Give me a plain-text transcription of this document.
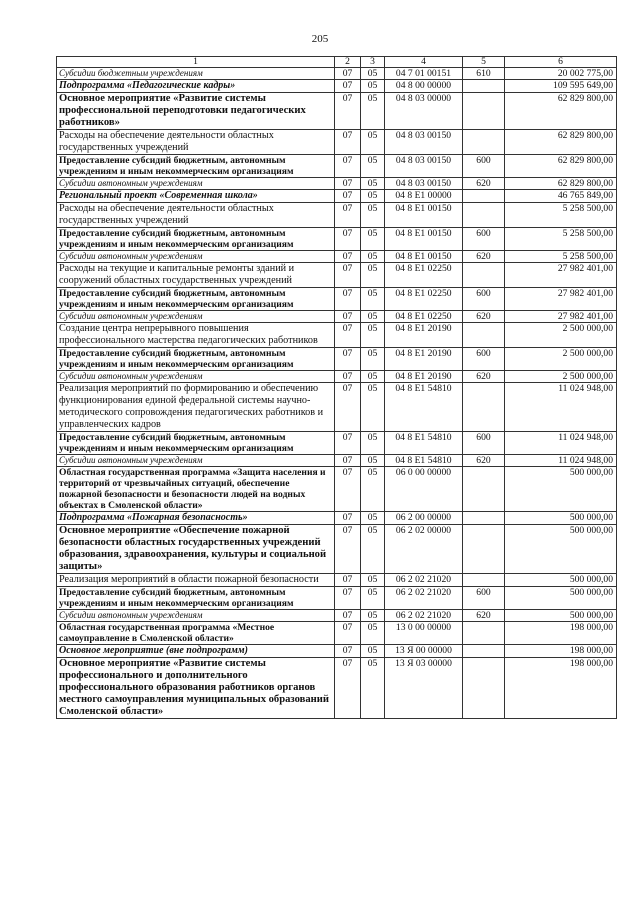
205
1	2	3	4	5	6
Субсидии бюджетным учреждениям	07	05	04 7 01 00151	610	20 002 775,00
Подпрограмма «Педагогические кадры»	07	05	04 8 00 00000		109 595 649,00
Основное мероприятие «Развитие системы профессиональной переподготовки педагогических работников»	07	05	04 8 03 00000		62 829 800,00
Расходы на обеспечение деятельности областных государственных учреждений	07	05	04 8 03 00150		62 829 800,00
Предоставление субсидий бюджетным, автономным учреждениям и иным некоммерческим организациям	07	05	04 8 03 00150	600	62 829 800,00
Субсидии автономным учреждениям	07	05	04 8 03 00150	620	62 829 800,00
Региональный проект «Современная школа»	07	05	04 8 E1 00000		46 765 849,00
Расходы на обеспечение деятельности областных государственных учреждений	07	05	04 8 E1 00150		5 258 500,00
Предоставление субсидий бюджетным, автономным учреждениям и иным некоммерческим организациям	07	05	04 8 E1 00150	600	5 258 500,00
Субсидии автономным учреждениям	07	05	04 8 E1 00150	620	5 258 500,00
Расходы на текущие и капитальные ремонты зданий и сооружений областных государственных учреждений	07	05	04 8 E1 02250		27 982 401,00
Предоставление субсидий бюджетным, автономным учреждениям и иным некоммерческим организациям	07	05	04 8 E1 02250	600	27 982 401,00
Субсидии автономным учреждениям	07	05	04 8 E1 02250	620	27 982 401,00
Создание центра непрерывного повышения профессионального мастерства педагогических работников	07	05	04 8 E1 20190		2 500 000,00
Предоставление субсидий бюджетным, автономным учреждениям и иным некоммерческим организациям	07	05	04 8 E1 20190	600	2 500 000,00
Субсидии автономным учреждениям	07	05	04 8 E1 20190	620	2 500 000,00
Реализация мероприятий по формированию и обеспечению функционирования единой федеральной системы научно-методического сопровождения педагогических работников и управленческих кадров	07	05	04 8 E1 54810		11 024 948,00
Предоставление субсидий бюджетным, автономным учреждениям и иным некоммерческим организациям	07	05	04 8 E1 54810	600	11 024 948,00
Субсидии автономным учреждениям	07	05	04 8 E1 54810	620	11 024 948,00
Областная государственная программа «Защита населения и территорий от чрезвычайных ситуаций, обеспечение пожарной безопасности и безопасности людей на водных объектах в Смоленской области»	07	05	06 0 00 00000		500 000,00
Подпрограмма «Пожарная безопасность»	07	05	06 2 00 00000		500 000,00
Основное мероприятие «Обеспечение пожарной безопасности областных государственных учреждений образования, здравоохранения, культуры и социальной защиты»	07	05	06 2 02 00000		500 000,00
Реализация мероприятий в области пожарной безопасности	07	05	06 2 02 21020		500 000,00
Предоставление субсидий бюджетным, автономным учреждениям и иным некоммерческим организациям	07	05	06 2 02 21020	600	500 000,00
Субсидии автономным учреждениям	07	05	06 2 02 21020	620	500 000,00
Областная государственная программа «Местное самоуправление в Смоленской области»	07	05	13 0 00 00000		198 000,00
Основное мероприятие (вне подпрограмм)	07	05	13 Я 00 00000		198 000,00
Основное мероприятие «Развитие системы профессионального и дополнительного профессионального образования работников органов местного самоуправления муниципальных образований Смоленской области»	07	05	13 Я 03 00000		198 000,00
